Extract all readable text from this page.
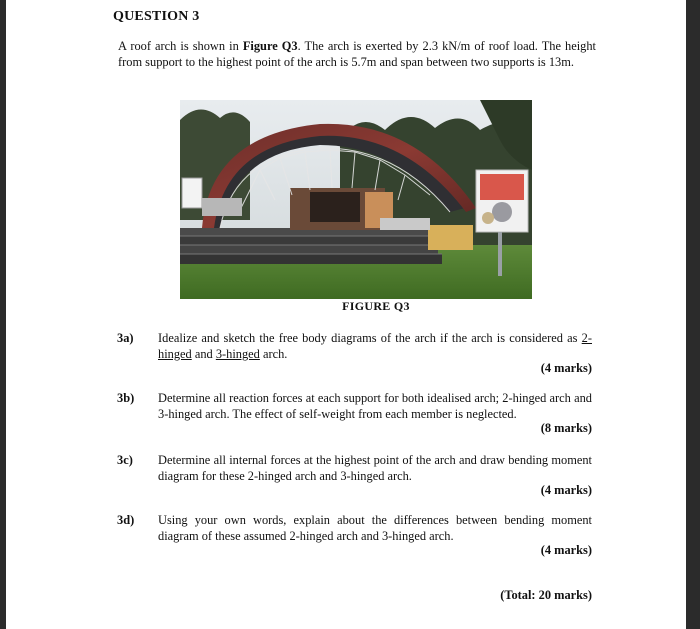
QUESTION 3
A roof arch is shown in Figure Q3. The arch is exerted by 2.3 kN/m of roof load. The height from support to the highest point of the arch is 5.7m and span between two supports is 13m.
FIGURE Q3
3a) Idealize and sketch the free body diagrams of the arch if the arch is considered as 2-hinged and 3-hinged arch.
(4 marks)
3b) Determine all reaction forces at each support for both idealised arch; 2-hinged arch and 3-hinged arch. The effect of self-weight from each member is neglected.
(8 marks)
3c) Determine all internal forces at the highest point of the arch and draw bending moment diagram for these 2-hinged arch and 3-hinged arch.
(4 marks)
3d) Using your own words, explain about the differences between bending moment diagram of these assumed 2-hinged arch and 3-hinged arch.
(4 marks)
(Total: 20 marks)
